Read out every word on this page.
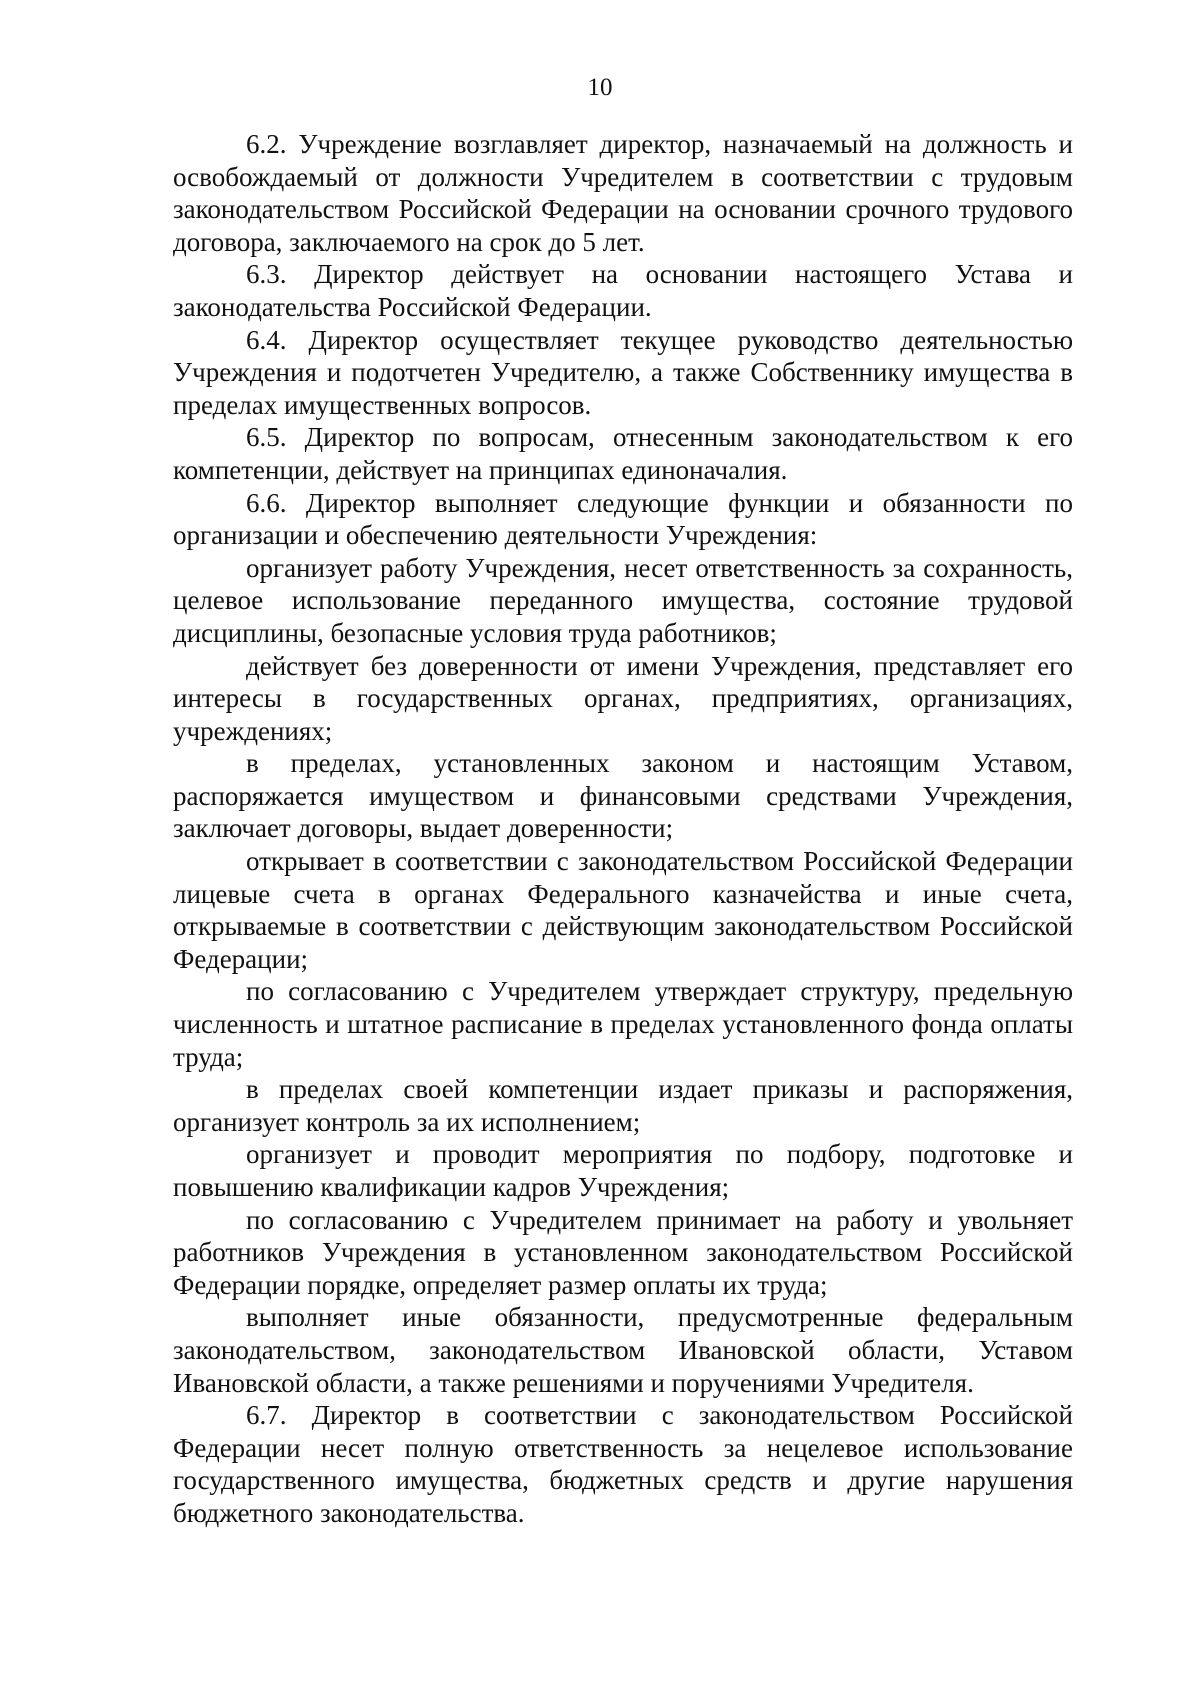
10

6.2. Учреждение возглавляет директор, назначаемый на должность и освобождаемый от должности Учредителем в соответствии с трудовым законодательством Российской Федерации на основании срочного трудового договора, заключаемого на срок до 5 лет.

6.3. Директор действует на основании настоящего Устава и законодательства Российской Федерации.

6.4. Директор осуществляет текущее руководство деятельностью Учреждения и подотчетен Учредителю, а также Собственнику имущества в пределах имущественных вопросов.

6.5. Директор по вопросам, отнесенным законодательством к его компетенции, действует на принципах единоначалия.

6.6. Директор выполняет следующие функции и обязанности по организации и обеспечению деятельности Учреждения:

организует работу Учреждения, несет ответственность за сохранность, целевое использование переданного имущества, состояние трудовой дисциплины, безопасные условия труда работников;

действует без доверенности от имени Учреждения, представляет его интересы в государственных органах, предприятиях, организациях, учреждениях;

в пределах, установленных законом и настоящим Уставом, распоряжается имуществом и финансовыми средствами Учреждения, заключает договоры, выдает доверенности;

открывает в соответствии с законодательством Российской Федерации лицевые счета в органах Федерального казначейства и иные счета, открываемые в соответствии с действующим законодательством Российской Федерации;

по согласованию с Учредителем утверждает структуру, предельную численность и штатное расписание в пределах установленного фонда оплаты труда;

в пределах своей компетенции издает приказы и распоряжения, организует контроль за их исполнением;

организует и проводит мероприятия по подбору, подготовке и повышению квалификации кадров Учреждения;

по согласованию с Учредителем принимает на работу и увольняет работников Учреждения в установленном законодательством Российской Федерации порядке, определяет размер оплаты их труда;

выполняет иные обязанности, предусмотренные федеральным законодательством, законодательством Ивановской области, Уставом Ивановской области, а также решениями и поручениями Учредителя.

6.7. Директор в соответствии с законодательством Российской Федерации несет полную ответственность за нецелевое использование государственного имущества, бюджетных средств и другие нарушения бюджетного законодательства.
